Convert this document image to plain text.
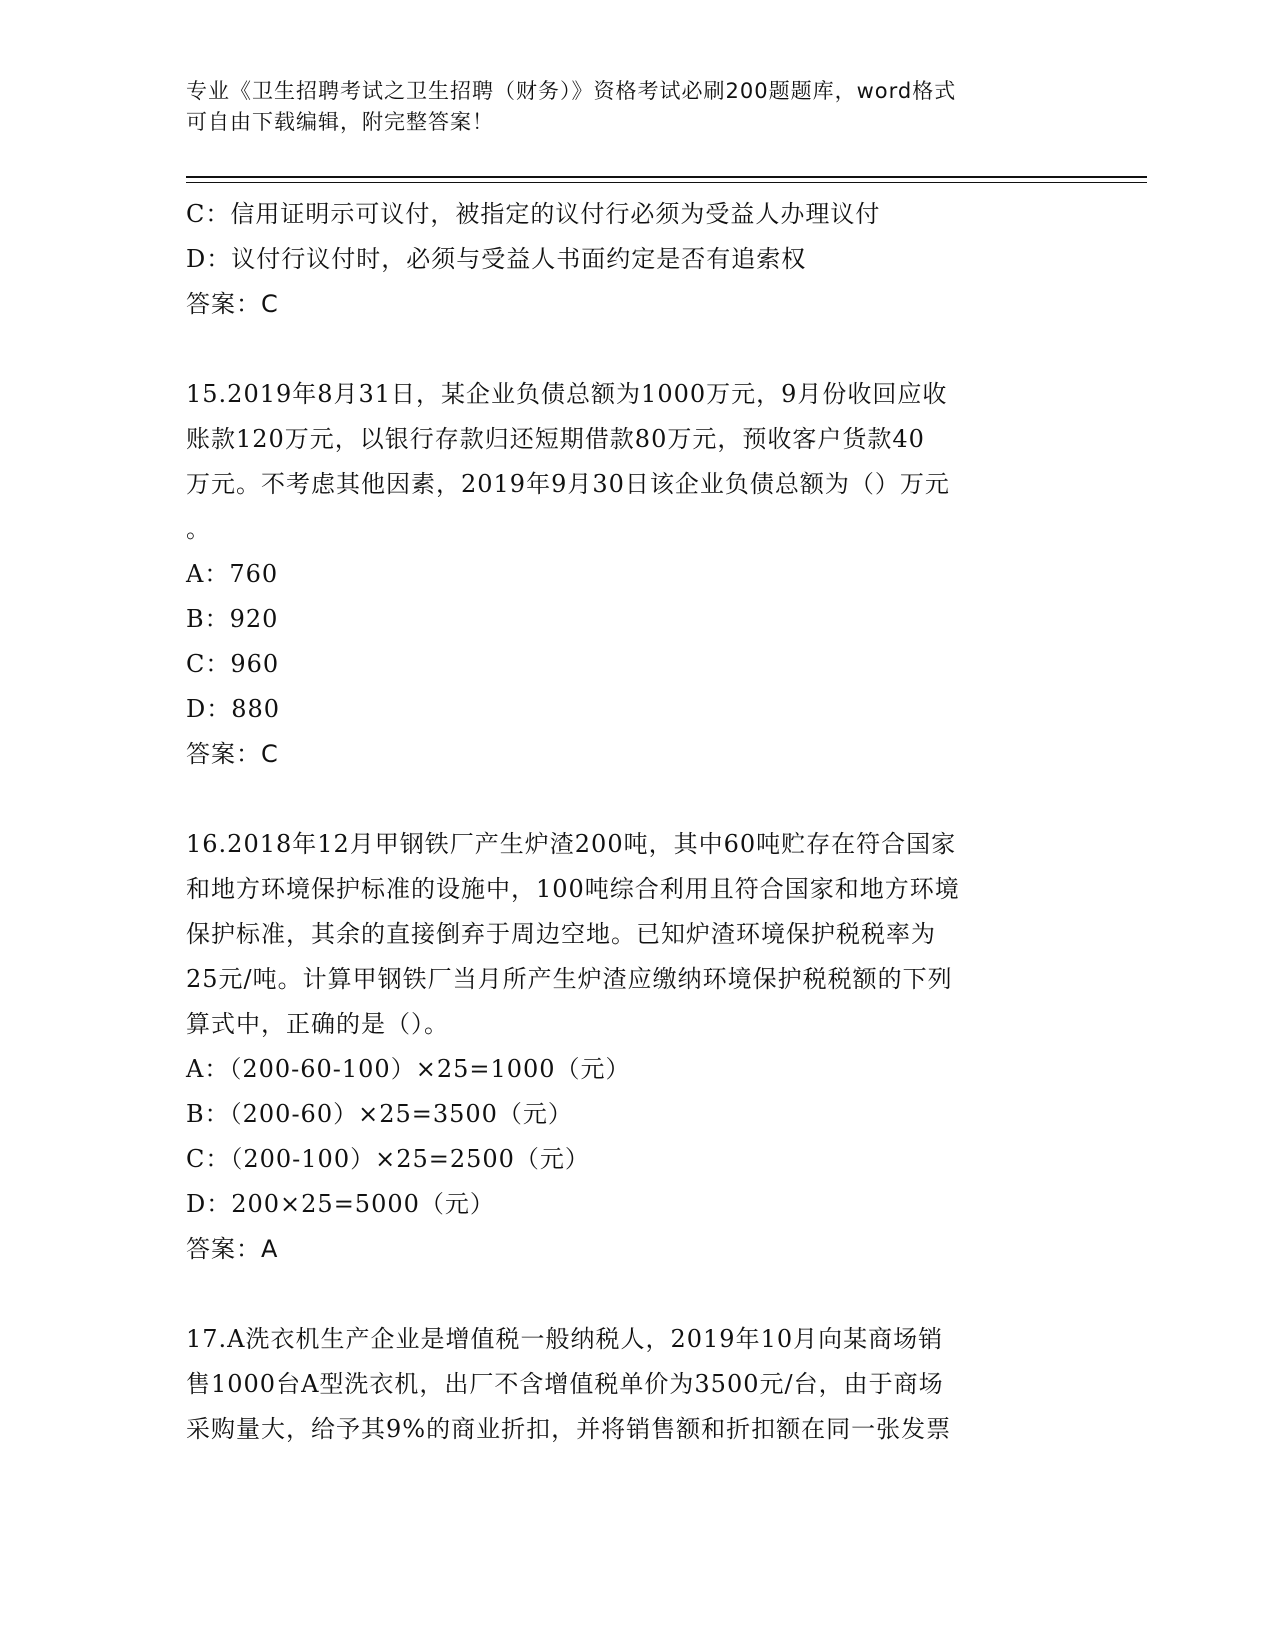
专业《卫生招聘考试之卫生招聘（财务）》资格考试必刷200题题库，word格式
可自由下载编辑，附完整答案！
C：信用证明示可议付，被指定的议付行必须为受益人办理议付
D：议付行议付时，必须与受益人书面约定是否有追索权
答案：C
15.2019年8月31日，某企业负债总额为1000万元，9月份收回应收
账款120万元，以银行存款归还短期借款80万元，预收客户货款40
万元。不考虑其他因素，2019年9月30日该企业负债总额为（）万元
。
A：760
B：920
C：960
D：880
答案：C
16.2018年12月甲钢铁厂产生炉渣200吨，其中60吨贮存在符合国家
和地方环境保护标准的设施中，100吨综合利用且符合国家和地方环境
保护标准，其余的直接倒弃于周边空地。已知炉渣环境保护税税率为
25元/吨。计算甲钢铁厂当月所产生炉渣应缴纳环境保护税税额的下列
算式中，正确的是（）。
A：（200-60-100）×25=1000（元）
B：（200-60）×25=3500（元）
C：（200-100）×25=2500（元）
D：200×25=5000（元）
答案：A
17.A洗衣机生产企业是增值税一般纳税人，2019年10月向某商场销
售1000台A型洗衣机，出厂不含增值税单价为3500元/台，由于商场
采购量大，给予其9%的商业折扣，并将销售额和折扣额在同一张发票
